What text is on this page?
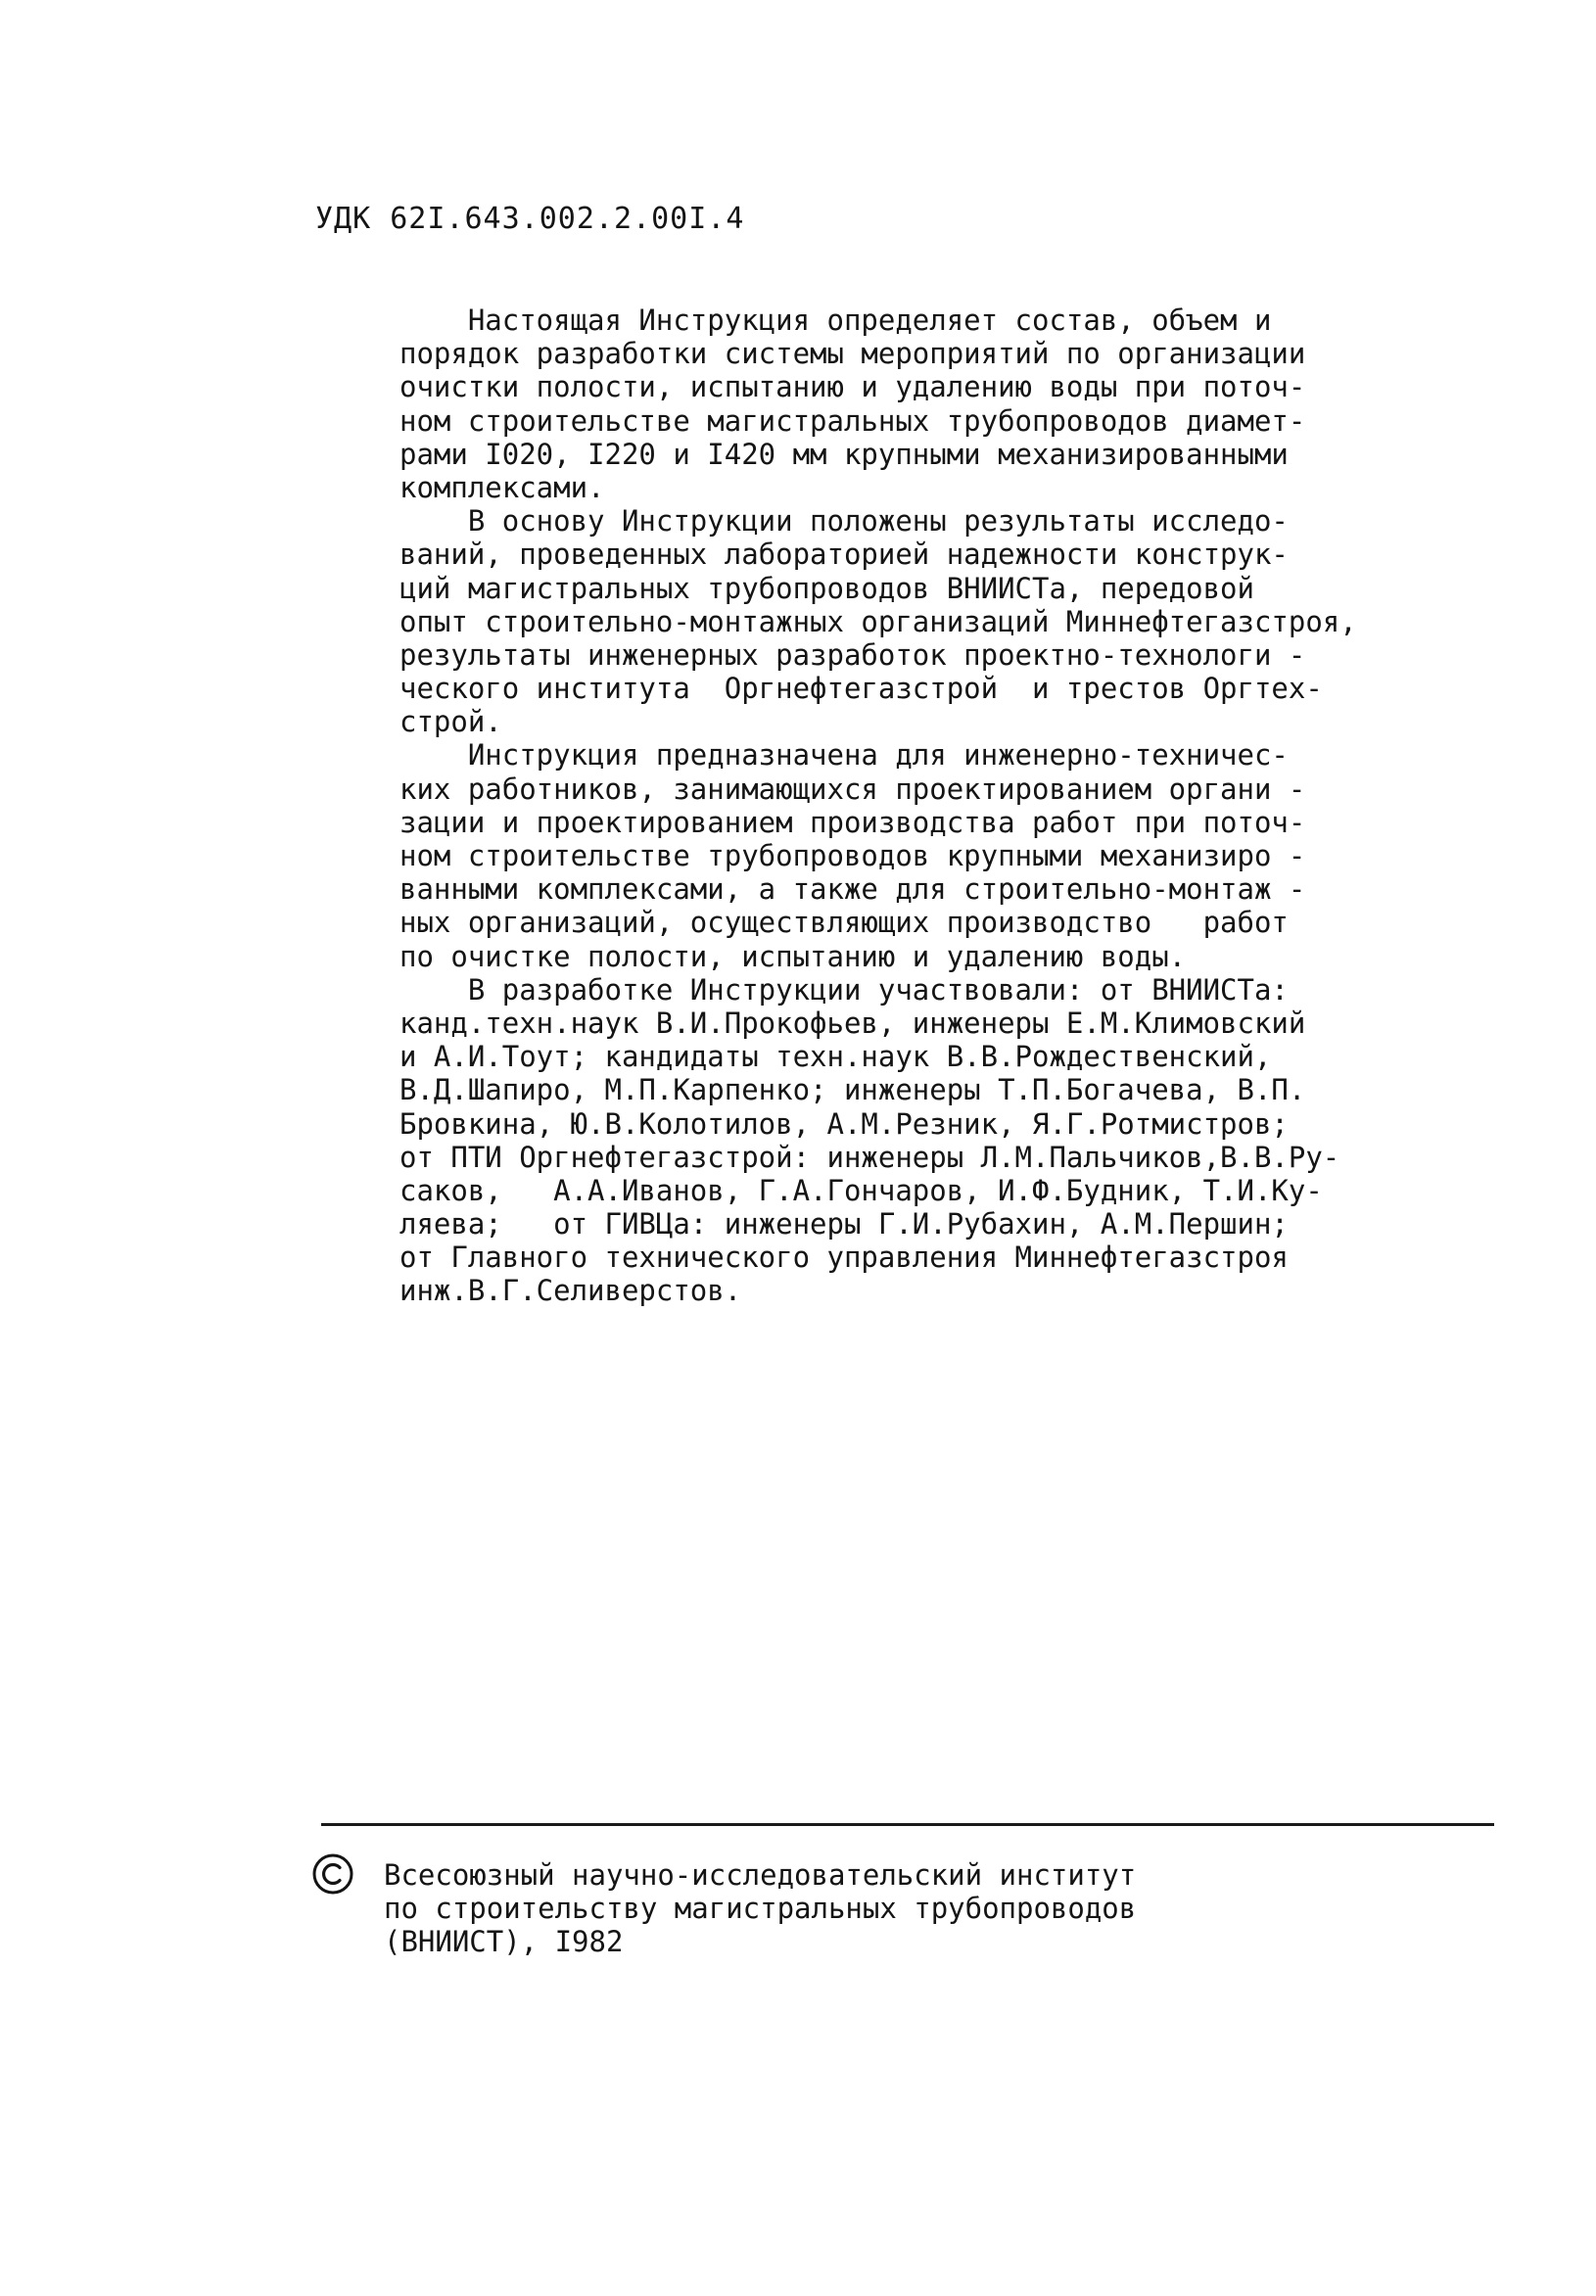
УДК 62I.643.002.2.00I.4
Настоящая Инструкция определяет состав, объем и
порядок разработки системы мероприятий по организации
очистки полости, испытанию и удалению воды при поточ-
ном строительстве магистральных трубопроводов диамет-
рами I020, I220 и I420 мм крупными механизированными
комплексами.
В основу Инструкции положены результаты исследо-
ваний, проведенных лабораторией надежности конструк-
ций магистральных трубопроводов ВНИИСТа, передовой
опыт строительно-монтажных организаций Миннефтегазстроя,
результаты инженерных разработок проектно-технологи -
ческого института  Оргнефтегазстрой  и трестов Оргтех-
строй.
Инструкция предназначена для инженерно-техничес-
ких работников, занимающихся проектированием органи -
зации и проектированием производства работ при поточ-
ном строительстве трубопроводов крупными механизиро -
ванными комплексами, а также для строительно-монтаж -
ных организаций, осуществляющих производство   работ
по очистке полости, испытанию и удалению воды.
В разработке Инструкции участвовали: от ВНИИСТа:
канд.техн.наук В.И.Прокофьев, инженеры Е.М.Климовский
и А.И.Тоут; кандидаты техн.наук В.В.Рождественский,
В.Д.Шапиро, М.П.Карпенко; инженеры Т.П.Богачева, В.П.
Бровкина, Ю.В.Колотилов, А.М.Резник, Я.Г.Ротмистров;
от ПТИ Оргнефтегазстрой: инженеры Л.М.Пальчиков,В.В.Ру-
саков,   А.А.Иванов, Г.А.Гончаров, И.Ф.Будник, Т.И.Ку-
ляева;   от ГИВЦа: инженеры Г.И.Рубахин, А.М.Першин;
от Главного технического управления Миннефтегазстроя
инж.В.Г.Селиверстов.
Всесоюзный научно-исследовательский институт
по строительству магистральных трубопроводов
(ВНИИСТ), I982
